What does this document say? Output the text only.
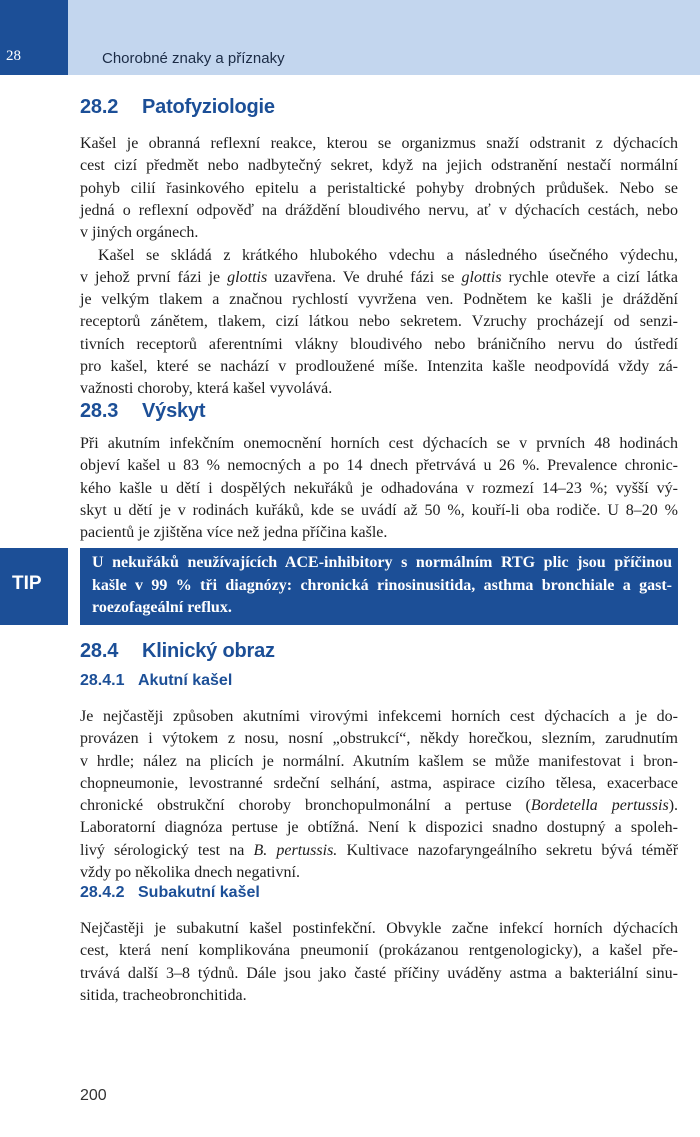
28	Chorobné znaky a příznaky
28.2 Patofyziologie
Kašel je obranná reflexní reakce, kterou se organizmus snaží odstranit z dýchacích
cest cizí předmět nebo nadbytečný sekret, když na jejich odstranění nestačí normální
pohyb cilií řasinkového epitelu a peristaltické pohyby drobných průdušek. Nebo se
jedná o reflexní odpověď na dráždění bloudivého nervu, ať v dýchacích cestách, nebo
v jiných orgánech.
Kašel se skládá z krátkého hlubokého vdechu a následného úsečného výdechu,
v jehož první fázi je glottis uzavřena. Ve druhé fázi se glottis rychle otevře a cizí látka
je velkým tlakem a značnou rychlostí vyvržena ven. Podnětem ke kašli je dráždění
receptorů zánětem, tlakem, cizí látkou nebo sekretem. Vzruchy procházejí od senzi-
tivních receptorů aferentními vlákny bloudivého nebo bráničního nervu do ústředí
pro kašel, které se nachází v prodloužené míše. Intenzita kašle neodpovídá vždy zá-
važnosti choroby, která kašel vyvolává.
28.3 Výskyt
Při akutním infekčním onemocnění horních cest dýchacích se v prvních 48 hodinách
objeví kašel u 83 % nemocných a po 14 dnech přetrvává u 26 %. Prevalence chronic-
kého kašle u dětí i dospělých nekuřáků je odhadována v rozmezí 14–23 %; vyšší vý-
skyt u dětí je v rodinách kuřáků, kde se uvádí až 50 %, kouří-li oba rodiče. U 8–20 %
pacientů je zjištěna více než jedna příčina kašle.
TIP
U nekuřáků neužívajících ACE-inhibitory s normálním RTG plic jsou příčinou
kašle v 99 % tři diagnózy: chronická rinosinusitida, asthma bronchiale a gast-
roezofageální reflux.
28.4 Klinický obraz
28.4.1 Akutní kašel
Je nejčastěji způsoben akutními virovými infekcemi horních cest dýchacích a je do-
provázen i výtokem z nosu, nosní „obstrukcí“, někdy horečkou, slezním, zarudnutím
v hrdle; nález na plicích je normální. Akutním kašlem se může manifestovat i bron-
chopneumonie, levostranné srdeční selhání, astma, aspirace cizího tělesa, exacerbace
chronické obstrukční choroby bronchopulmonální a pertuse (Bordetella pertussis).
Laboratorní diagnóza pertuse je obtížná. Není k dispozici snadno dostupný a spoleh-
livý sérologický test na B. pertussis. Kultivace nazofaryngeálního sekretu bývá téměř
vždy po několika dnech negativní.
28.4.2 Subakutní kašel
Nejčastěji je subakutní kašel postinfekční. Obvykle začne infekcí horních dýchacích
cest, která není komplikována pneumonií (prokázanou rentgenologicky), a kašel pře-
trvává další 3–8 týdnů. Dále jsou jako časté příčiny uváděny astma a bakteriální sinu-
sitida, tracheobronchitida.
200
